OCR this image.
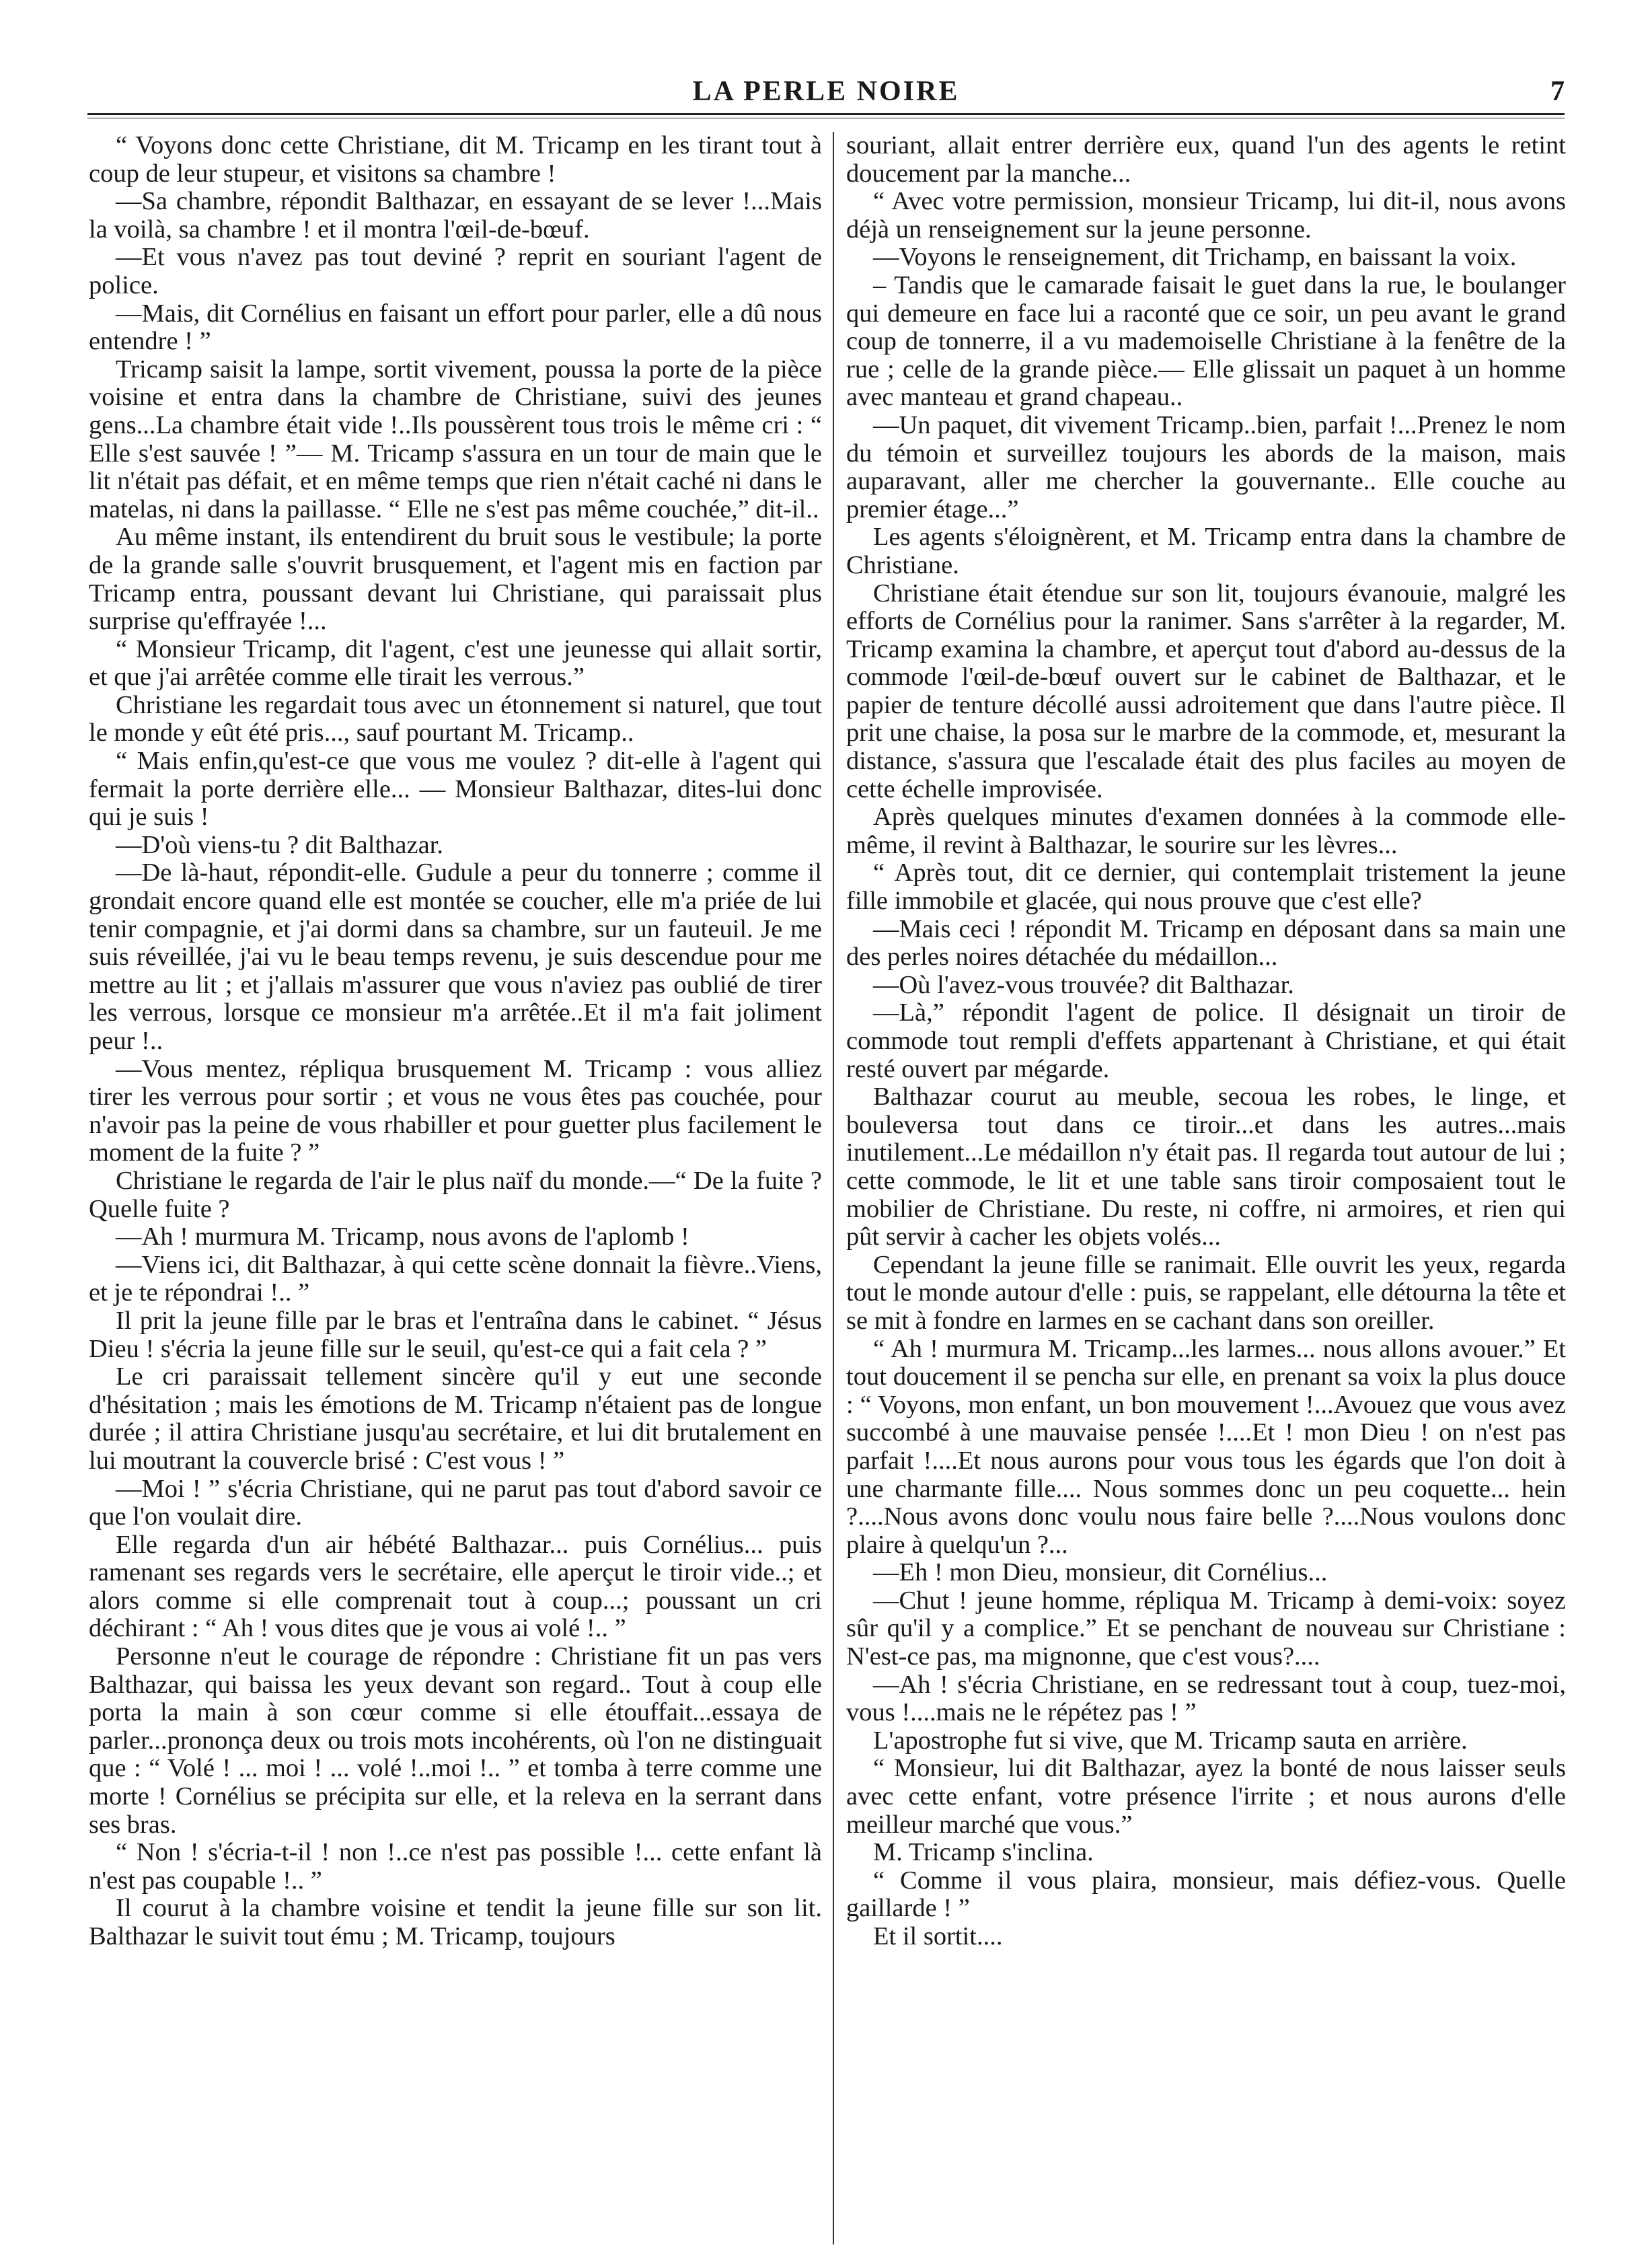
LA PERLE NOIRE	7

“ Voyons donc cette Christiane, dit M. Tricamp en les tirant tout à coup de leur stupeur, et visitons sa chambre !

—Sa chambre, répondit Balthazar, en essayant de se lever !...Mais la voilà, sa chambre ! et il montra l'œil-de-bœuf.

—Et vous n'avez pas tout deviné ? reprit en souriant l'agent de police.

—Mais, dit Cornélius en faisant un effort pour parler, elle a dû nous entendre ! ”

Tricamp saisit la lampe, sortit vivement, poussa la porte de la pièce voisine et entra dans la chambre de Christiane, suivi des jeunes gens...La chambre était vide !..Ils poussèrent tous trois le même cri : “ Elle s'est sauvée ! ”— M. Tricamp s'assura en un tour de main que le lit n'était pas défait, et en même temps que rien n'était caché ni dans le matelas, ni dans la paillasse. “ Elle ne s'est pas même couchée,” dit-il..

Au même instant, ils entendirent du bruit sous le vestibule; la porte de la grande salle s'ouvrit brusquement, et l'agent mis en faction par Tricamp entra, poussant devant lui Christiane, qui paraissait plus surprise qu'effrayée !...

“ Monsieur Tricamp, dit l'agent, c'est une jeunesse qui allait sortir, et que j'ai arrêtée comme elle tirait les verrous.”

Christiane les regardait tous avec un étonnement si naturel, que tout le monde y eût été pris..., sauf pourtant M. Tricamp..

“ Mais enfin,qu'est-ce que vous me voulez ? dit-elle à l'agent qui fermait la porte derrière elle... — Monsieur Balthazar, dites-lui donc qui je suis !

—D'où viens-tu ? dit Balthazar.

—De là-haut, répondit-elle. Gudule a peur du tonnerre ; comme il grondait encore quand elle est montée se coucher, elle m'a priée de lui tenir compagnie, et j'ai dormi dans sa chambre, sur un fauteuil. Je me suis réveillée, j'ai vu le beau temps revenu, je suis descendue pour me mettre au lit ; et j'allais m'assurer que vous n'aviez pas oublié de tirer les verrous, lorsque ce monsieur m'a arrêtée..Et il m'a fait joliment peur !..

—Vous mentez, répliqua brusquement M. Tricamp : vous alliez tirer les verrous pour sortir ; et vous ne vous êtes pas couchée, pour n'avoir pas la peine de vous rhabiller et pour guetter plus facilement le moment de la fuite ? ”

Christiane le regarda de l'air le plus naïf du monde.—“ De la fuite ? Quelle fuite ?

—Ah ! murmura M. Tricamp, nous avons de l'aplomb !

—Viens ici, dit Balthazar, à qui cette scène donnait la fièvre..Viens, et je te répondrai !.. ”

Il prit la jeune fille par le bras et l'entraîna dans le cabinet. “ Jésus Dieu ! s'écria la jeune fille sur le seuil, qu'est-ce qui a fait cela ? ”

Le cri paraissait tellement sincère qu'il y eut une seconde d'hésitation ; mais les émotions de M. Tricamp n'étaient pas de longue durée ; il attira Christiane jusqu'au secrétaire, et lui dit brutalement en lui moutrant la couvercle brisé : C'est vous ! ”

—Moi ! ” s'écria Christiane, qui ne parut pas tout d'abord savoir ce que l'on voulait dire.

Elle regarda d'un air hébété Balthazar... puis Cornélius... puis ramenant ses regards vers le secrétaire, elle aperçut le tiroir vide..; et alors comme si elle comprenait tout à coup...; poussant un cri déchirant : “ Ah ! vous dites que je vous ai volé !.. ”

Personne n'eut le courage de répondre : Christiane fit un pas vers Balthazar, qui baissa les yeux devant son regard.. Tout à coup elle porta la main à son cœur comme si elle étouffait...essaya de parler...prononça deux ou trois mots incohérents, où l'on ne distinguait que : “ Volé ! ... moi ! ... volé !..moi !.. ” et tomba à terre comme une morte ! Cornélius se précipita sur elle, et la releva en la serrant dans ses bras.

“ Non ! s'écria-t-il ! non !..ce n'est pas possible !... cette enfant là n'est pas coupable !.. ”

Il courut à la chambre voisine et tendit la jeune fille sur son lit. Balthazar le suivit tout ému ; M. Tricamp, toujours

souriant, allait entrer derrière eux, quand l'un des agents le retint doucement par la manche...

“ Avec votre permission, monsieur Tricamp, lui dit-il, nous avons déjà un renseignement sur la jeune personne.

—Voyons le renseignement, dit Trichamp, en baissant la voix.

– Tandis que le camarade faisait le guet dans la rue, le boulanger qui demeure en face lui a raconté que ce soir, un peu avant le grand coup de tonnerre, il a vu mademoiselle Christiane à la fenêtre de la rue ; celle de la grande pièce.— Elle glissait un paquet à un homme avec manteau et grand chapeau..

—Un paquet, dit vivement Tricamp..bien, parfait !...Prenez le nom du témoin et surveillez toujours les abords de la maison, mais auparavant, aller me chercher la gouvernante.. Elle couche au premier étage...”

Les agents s'éloignèrent, et M. Tricamp entra dans la chambre de Christiane.

Christiane était étendue sur son lit, toujours évanouie, malgré les efforts de Cornélius pour la ranimer. Sans s'arrêter à la regarder, M. Tricamp examina la chambre, et aperçut tout d'abord au-dessus de la commode l'œil-de-bœuf ouvert sur le cabinet de Balthazar, et le papier de tenture décollé aussi adroitement que dans l'autre pièce. Il prit une chaise, la posa sur le marbre de la commode, et, mesurant la distance, s'assura que l'escalade était des plus faciles au moyen de cette échelle improvisée.

Après quelques minutes d'examen données à la commode elle-même, il revint à Balthazar, le sourire sur les lèvres...

“ Après tout, dit ce dernier, qui contemplait tristement la jeune fille immobile et glacée, qui nous prouve que c'est elle?

—Mais ceci ! répondit M. Tricamp en déposant dans sa main une des perles noires détachée du médaillon...

—Où l'avez-vous trouvée? dit Balthazar.

—Là,” répondit l'agent de police. Il désignait un tiroir de commode tout rempli d'effets appartenant à Christiane, et qui était resté ouvert par mégarde.

Balthazar courut au meuble, secoua les robes, le linge, et bouleversa tout dans ce tiroir...et dans les autres...mais inutilement...Le médaillon n'y était pas. Il regarda tout autour de lui ; cette commode, le lit et une table sans tiroir composaient tout le mobilier de Christiane. Du reste, ni coffre, ni armoires, et rien qui pût servir à cacher les objets volés...

Cependant la jeune fille se ranimait. Elle ouvrit les yeux, regarda tout le monde autour d'elle : puis, se rappelant, elle détourna la tête et se mit à fondre en larmes en se cachant dans son oreiller.

“ Ah ! murmura M. Tricamp...les larmes... nous allons avouer.” Et tout doucement il se pencha sur elle, en prenant sa voix la plus douce : “ Voyons, mon enfant, un bon mouvement !...Avouez que vous avez succombé à une mauvaise pensée !....Et ! mon Dieu ! on n'est pas parfait !....Et nous aurons pour vous tous les égards que l'on doit à une charmante fille.... Nous sommes donc un peu coquette... hein ?....Nous avons donc voulu nous faire belle ?....Nous voulons donc plaire à quelqu'un ?...

—Eh ! mon Dieu, monsieur, dit Cornélius...

—Chut ! jeune homme, répliqua M. Tricamp à demi-voix: soyez sûr qu'il y a complice.” Et se penchant de nouveau sur Christiane : N'est-ce pas, ma mignonne, que c'est vous?....

—Ah ! s'écria Christiane, en se redressant tout à coup, tuez-moi, vous !....mais ne le répétez pas ! ”

L'apostrophe fut si vive, que M. Tricamp sauta en arrière.

“ Monsieur, lui dit Balthazar, ayez la bonté de nous laisser seuls avec cette enfant, votre présence l'irrite ; et nous aurons d'elle meilleur marché que vous.”

M. Tricamp s'inclina.

“ Comme il vous plaira, monsieur, mais défiez-vous. Quelle gaillarde ! ”

Et il sortit....
